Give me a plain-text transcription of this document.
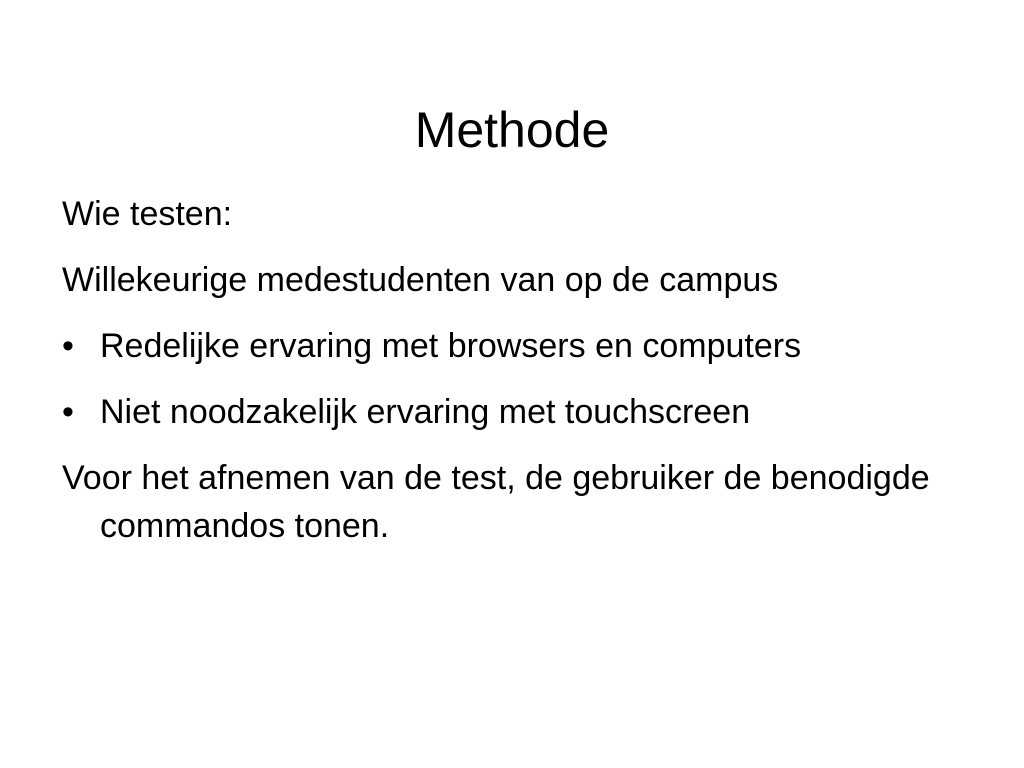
Methode
Wie testen:
Willekeurige medestudenten van op de campus
• Redelijke ervaring met browsers en computers
• Niet noodzakelijk ervaring met touchscreen
Voor het afnemen van de test, de gebruiker de benodigde commandos tonen.
